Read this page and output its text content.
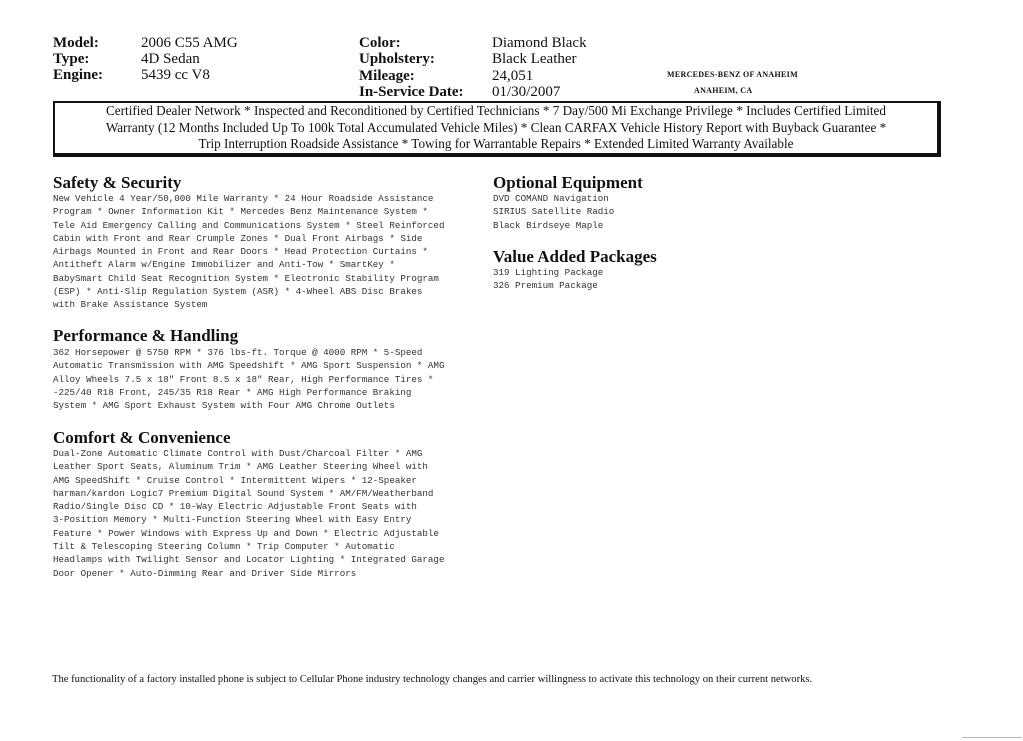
Model:	2006 C55 AMG
Type:	4D Sedan
Engine:	5439 cc V8
Color:	Diamond Black
Upholstery:	Black Leather
Mileage:	24,051
In-Service Date: 01/30/2007
MERCEDES-BENZ OF ANAHEIM
ANAHEIM, CA
Certified Dealer Network * Inspected and Reconditioned by Certified Technicians * 7 Day/500 Mi Exchange Privilege * Includes Certified Limited
Warranty (12 Months Included Up To 100k Total Accumulated Vehicle Miles) * Clean CARFAX Vehicle History Report with Buyback Guarantee *
Trip Interruption Roadside Assistance * Towing for Warrantable Repairs * Extended Limited Warranty Available
Safety & Security
New Vehicle 4 Year/50,000 Mile Warranty * 24 Hour Roadside Assistance
Program * Owner Information Kit * Mercedes Benz Maintenance System *
Tele Aid Emergency Calling and Communications System * Steel Reinforced
Cabin with Front and Rear Crumple Zones * Dual Front Airbags * Side
Airbags Mounted in Front and Rear Doors * Head Protection Curtains *
Antitheft Alarm w/Engine Immobilizer and Anti-Tow * SmartKey *
BabySmart Child Seat Recognition System * Electronic Stability Program
(ESP) * Anti-Slip Regulation System (ASR) * 4-Wheel ABS Disc Brakes
with Brake Assistance System
Performance & Handling
362 Horsepower @ 5750 RPM * 376 lbs-ft. Torque @ 4000 RPM * 5-Speed
Automatic Transmission with AMG Speedshift * AMG Sport Suspension * AMG
Alloy Wheels 7.5 x 18" Front 8.5 x 18" Rear, High Performance Tires *
-225/40 R18 Front, 245/35 R18 Rear * AMG High Performance Braking
System * AMG Sport Exhaust System with Four AMG Chrome Outlets
Comfort & Convenience
Dual-Zone Automatic Climate Control with Dust/Charcoal Filter * AMG
Leather Sport Seats, Aluminum Trim * AMG Leather Steering Wheel with
AMG SpeedShift * Cruise Control * Intermittent Wipers * 12-Speaker
harman/kardon Logic7 Premium Digital Sound System * AM/FM/Weatherband
Radio/Single Disc CD * 10-Way Electric Adjustable Front Seats with
3-Position Memory * Multi-Function Steering Wheel with Easy Entry
Feature * Power Windows with Express Up and Down * Electric Adjustable
Tilt & Telescoping Steering Column * Trip Computer * Automatic
Headlamps with Twilight Sensor and Locator Lighting * Integrated Garage
Door Opener * Auto-Dimming Rear and Driver Side Mirrors
Optional Equipment
DVD COMAND Navigation
SIRIUS Satellite Radio
Black Birdseye Maple
Value Added Packages
319 Lighting Package
326 Premium Package
The functionality of a factory installed phone is subject to Cellular Phone industry technology changes and carrier willingness to activate this technology on their current networks.
